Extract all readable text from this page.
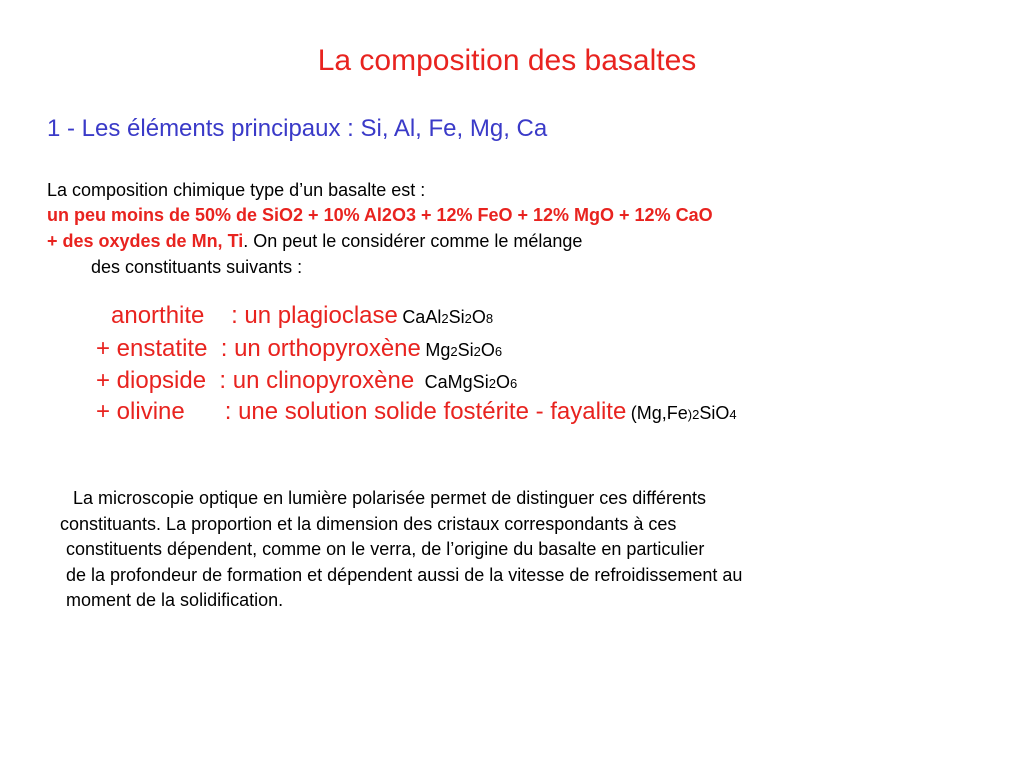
La composition des basaltes
1 - Les éléments principaux : Si, Al, Fe, Mg, Ca
La composition chimique type d’un basalte est :
un peu moins de 50% de SiO2 + 10% Al2O3 + 12% FeO + 12% MgO + 12% CaO
+ des oxydes de Mn, Ti. On peut le considérer comme le mélange
des constituants suivants :
anorthite    : un plagioclase CaAl2Si2O8
+ enstatite  : un orthopyroxène Mg2Si2O6
+ diopside  : un clinopyroxène CaMgSi2O6
+ olivine      : une solution solide fostérite - fayalite (Mg,Fe)2SiO4
La microscopie optique en lumière polarisée permet de distinguer ces différents
constituants. La proportion et la dimension des cristaux correspondants à ces
constituents dépendent, comme on le verra, de l’origine du basalte en particulier
de la profondeur de formation et dépendent aussi de la vitesse de refroidissement au
moment de la solidification.
